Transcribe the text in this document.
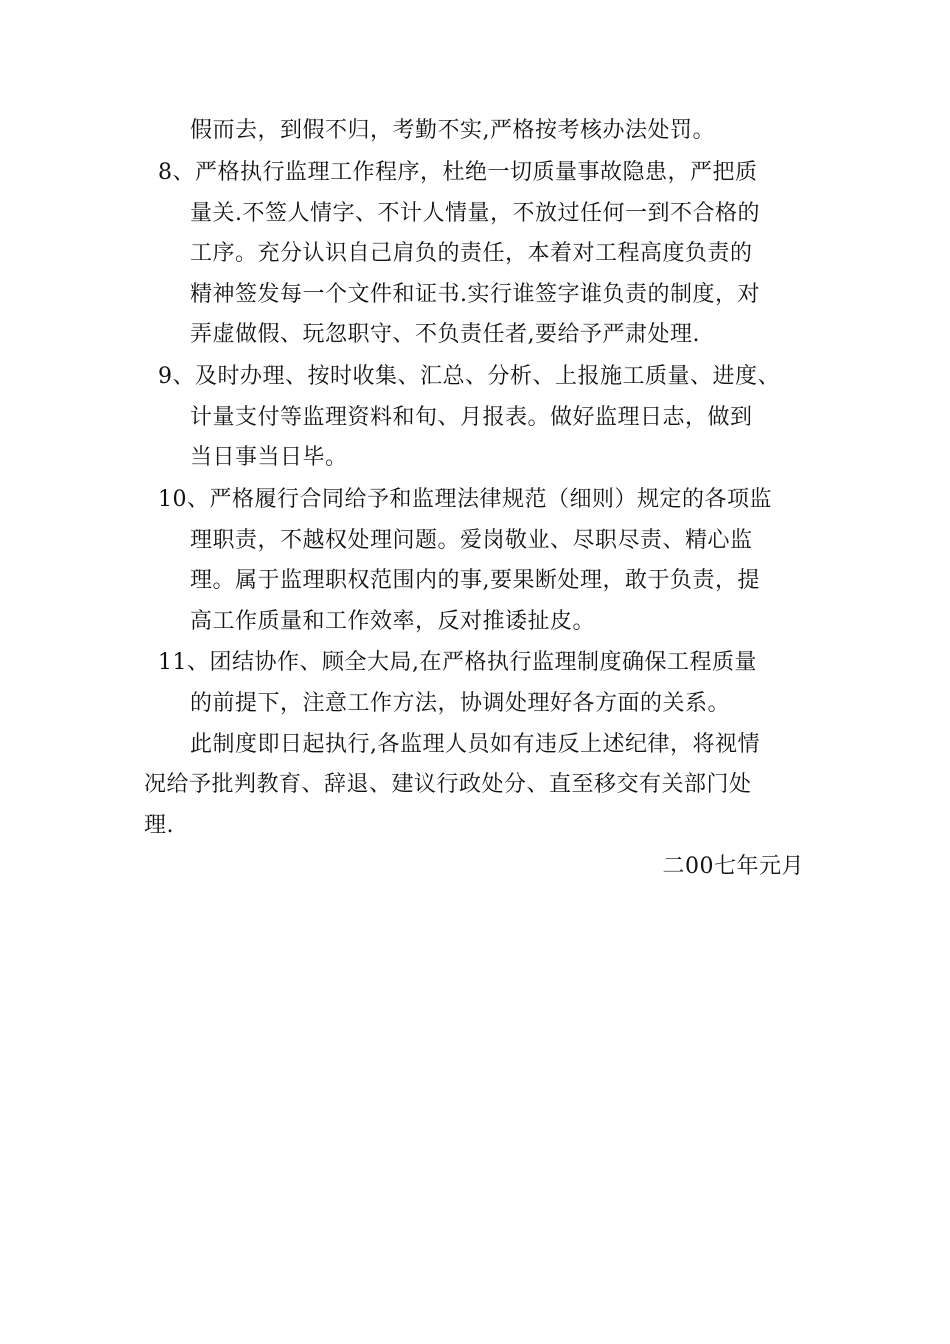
假而去，到假不归，考勤不实,严格按考核办法处罚。
8、严格执行监理工作程序，杜绝一切质量事故隐患，严把质
量关.不签人情字、不计人情量，不放过任何一到不合格的
工序。充分认识自己肩负的责任，本着对工程高度负责的
精神签发每一个文件和证书.实行谁签字谁负责的制度，对
弄虚做假、玩忽职守、不负责任者,要给予严肃处理.
9、及时办理、按时收集、汇总、分析、上报施工质量、进度、
计量支付等监理资料和旬、月报表。做好监理日志，做到
当日事当日毕。
10、严格履行合同给予和监理法律规范（细则）规定的各项监
理职责，不越权处理问题。爱岗敬业、尽职尽责、精心监
理。属于监理职权范围内的事,要果断处理，敢于负责，提
高工作质量和工作效率，反对推诿扯皮。
11、团结协作、顾全大局,在严格执行监理制度确保工程质量
的前提下，注意工作方法，协调处理好各方面的关系。
此制度即日起执行,各监理人员如有违反上述纪律，将视情
况给予批判教育、辞退、建议行政处分、直至移交有关部门处
理.
二00七年元月
